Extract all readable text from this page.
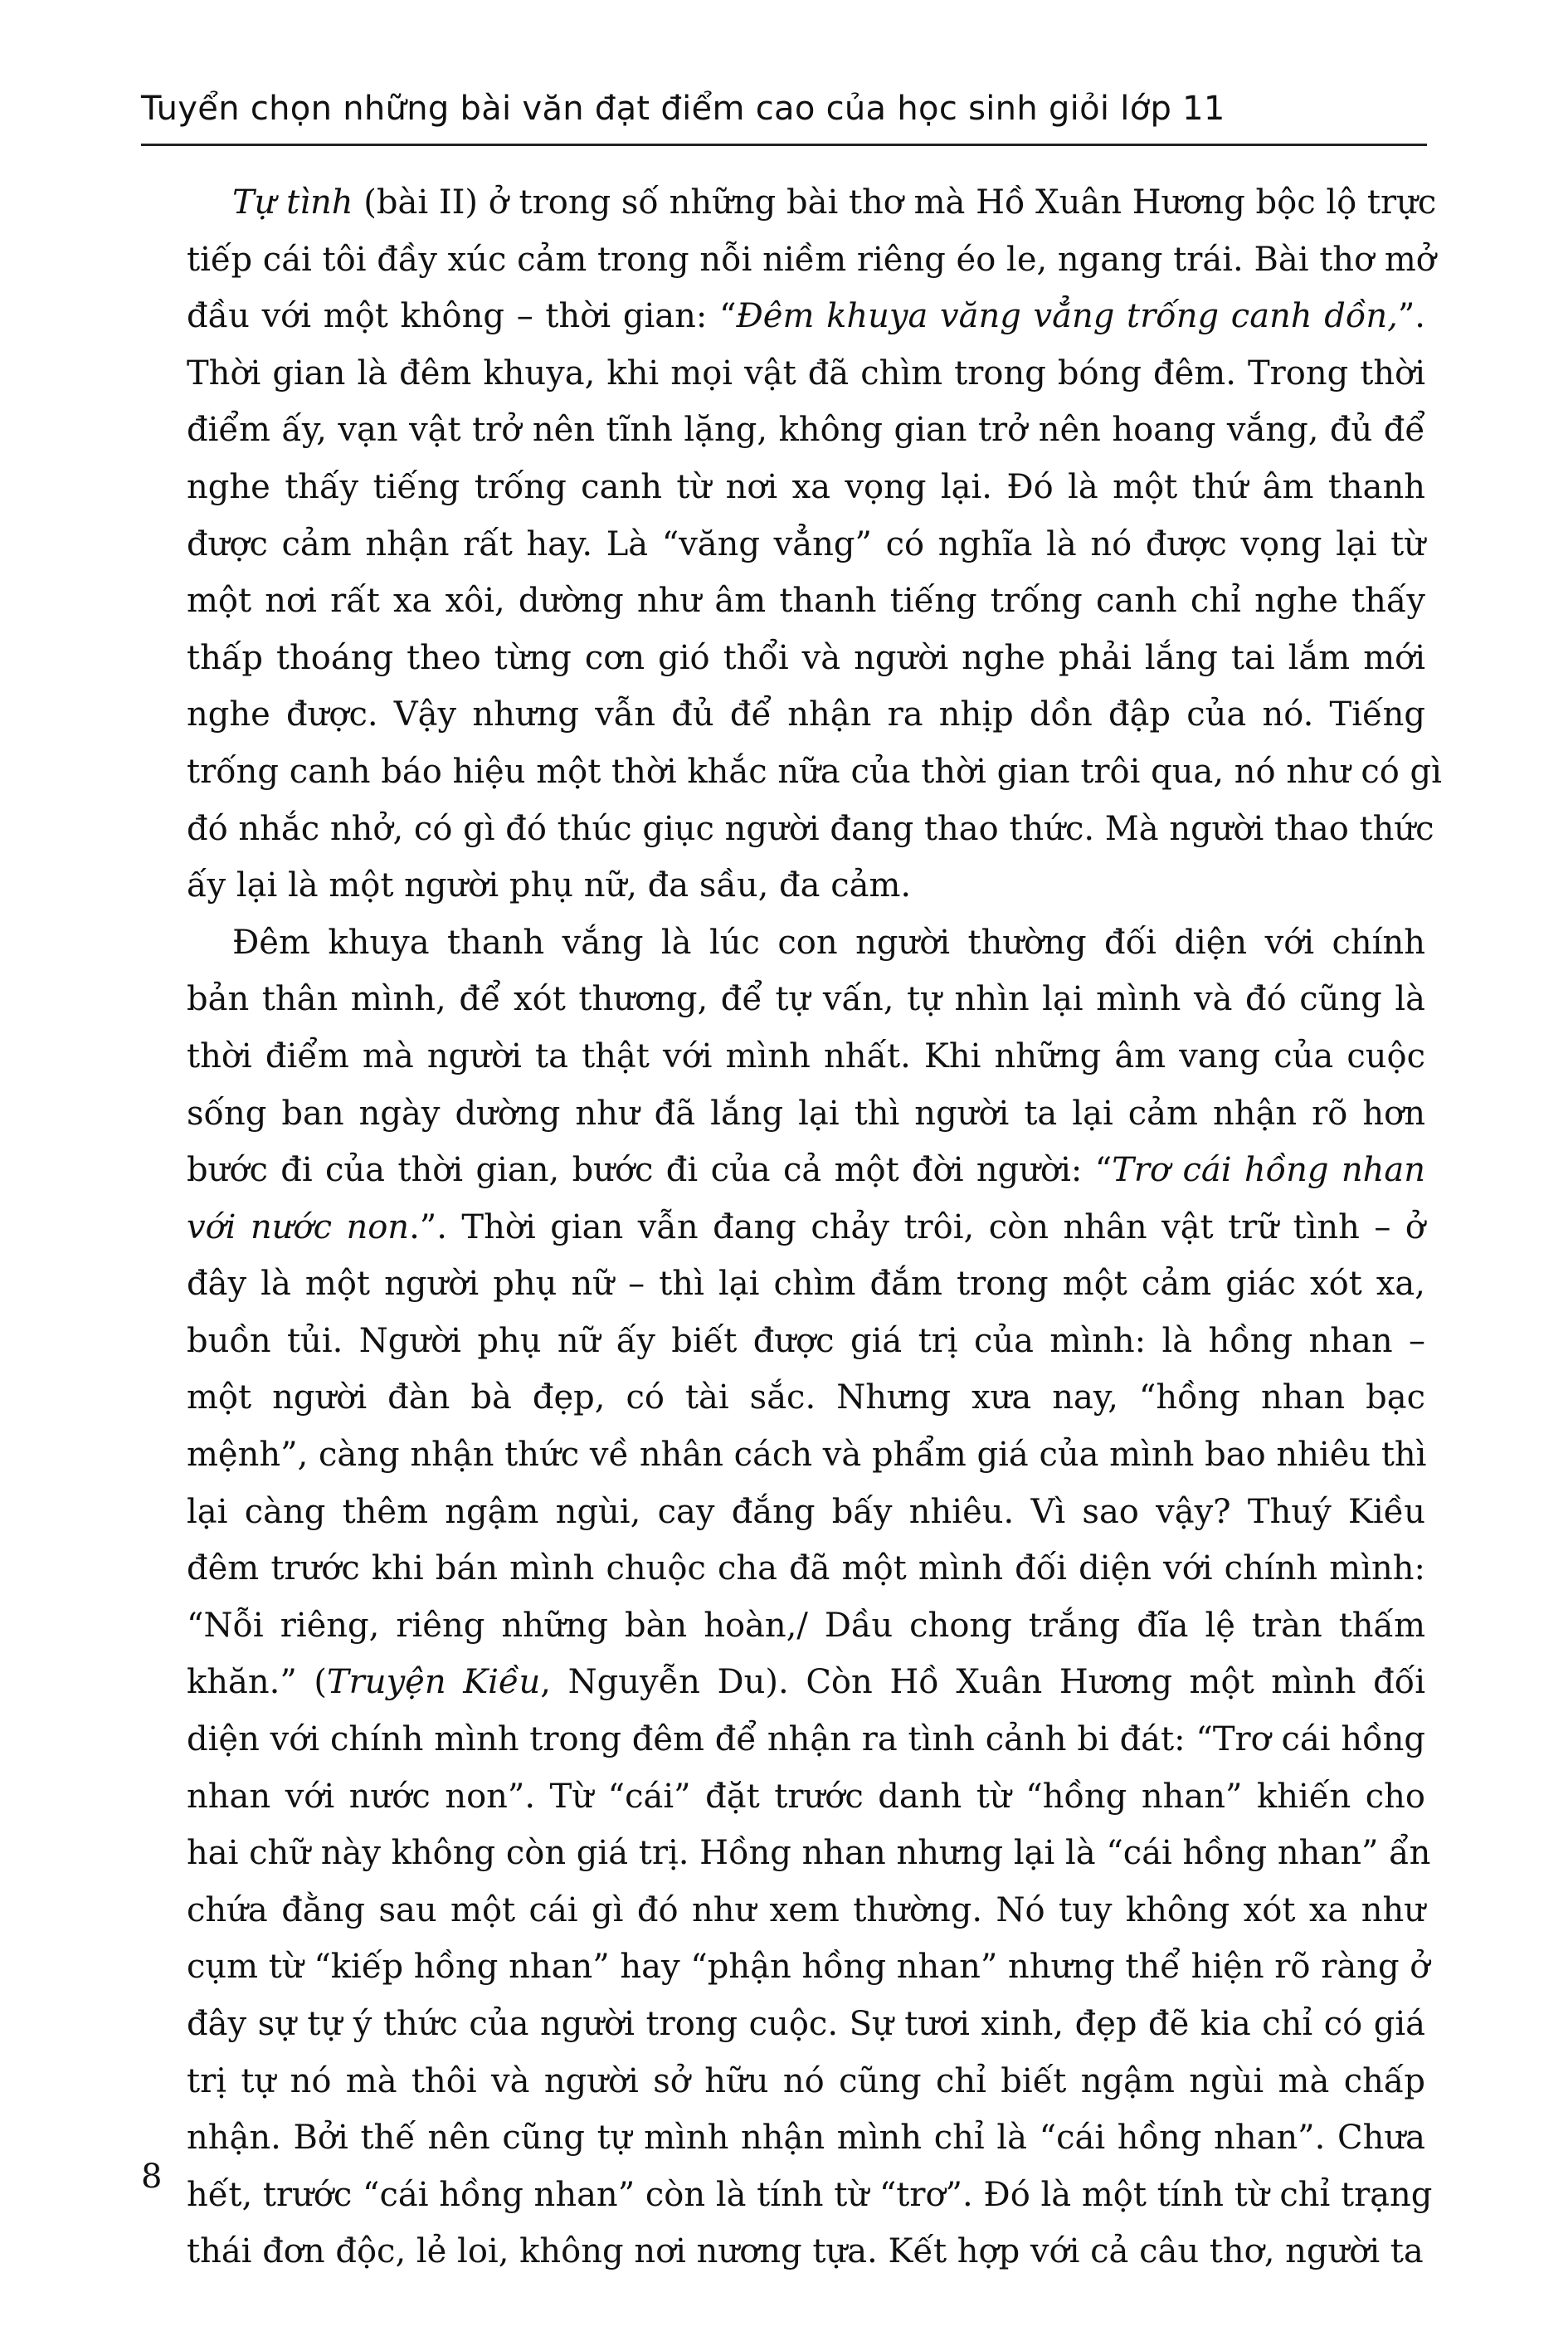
Tuyển chọn những bài văn đạt điểm cao của học sinh giỏi lớp 11
Tự tình (bài II) ở trong số những bài thơ mà Hồ Xuân Hương bộc lộ trực
tiếp cái tôi đầy xúc cảm trong nỗi niềm riêng éo le, ngang trái. Bài thơ mở
đầu với một không – thời gian: “Đêm khuya văng vẳng trống canh dồn,”.
Thời gian là đêm khuya, khi mọi vật đã chìm trong bóng đêm. Trong thời
điểm ấy, vạn vật trở nên tĩnh lặng, không gian trở nên hoang vắng, đủ để
nghe thấy tiếng trống canh từ nơi xa vọng lại. Đó là một thứ âm thanh
được cảm nhận rất hay. Là “văng vẳng” có nghĩa là nó được vọng lại từ
một nơi rất xa xôi, dường như âm thanh tiếng trống canh chỉ nghe thấy
thấp thoáng theo từng cơn gió thổi và người nghe phải lắng tai lắm mới
nghe được. Vậy nhưng vẫn đủ để nhận ra nhịp dồn đập của nó. Tiếng
trống canh báo hiệu một thời khắc nữa của thời gian trôi qua, nó như có gì
đó nhắc nhở, có gì đó thúc giục người đang thao thức. Mà người thao thức
ấy lại là một người phụ nữ, đa sầu, đa cảm.
Đêm khuya thanh vắng là lúc con người thường đối diện với chính
bản thân mình, để xót thương, để tự vấn, tự nhìn lại mình và đó cũng là
thời điểm mà người ta thật với mình nhất. Khi những âm vang của cuộc
sống ban ngày dường như đã lắng lại thì người ta lại cảm nhận rõ hơn
bước đi của thời gian, bước đi của cả một đời người: “Trơ cái hồng nhan
với nước non.”. Thời gian vẫn đang chảy trôi, còn nhân vật trữ tình – ở
đây là một người phụ nữ – thì lại chìm đắm trong một cảm giác xót xa,
buồn tủi. Người phụ nữ ấy biết được giá trị của mình: là hồng nhan –
một người đàn bà đẹp, có tài sắc. Nhưng xưa nay, “hồng nhan bạc
mệnh”, càng nhận thức về nhân cách và phẩm giá của mình bao nhiêu thì
lại càng thêm ngậm ngùi, cay đắng bấy nhiêu. Vì sao vậy? Thuý Kiều
đêm trước khi bán mình chuộc cha đã một mình đối diện với chính mình:
“Nỗi riêng, riêng những bàn hoàn,/ Dầu chong trắng đĩa lệ tràn thấm
khăn.” (Truyện Kiều, Nguyễn Du). Còn Hồ Xuân Hương một mình đối
diện với chính mình trong đêm để nhận ra tình cảnh bi đát: “Trơ cái hồng
nhan với nước non”. Từ “cái” đặt trước danh từ “hồng nhan” khiến cho
hai chữ này không còn giá trị. Hồng nhan nhưng lại là “cái hồng nhan” ẩn
chứa đằng sau một cái gì đó như xem thường. Nó tuy không xót xa như
cụm từ “kiếp hồng nhan” hay “phận hồng nhan” nhưng thể hiện rõ ràng ở
đây sự tự ý thức của người trong cuộc. Sự tươi xinh, đẹp đẽ kia chỉ có giá
trị tự nó mà thôi và người sở hữu nó cũng chỉ biết ngậm ngùi mà chấp
nhận. Bởi thế nên cũng tự mình nhận mình chỉ là “cái hồng nhan”. Chưa
hết, trước “cái hồng nhan” còn là tính từ “trơ”. Đó là một tính từ chỉ trạng
thái đơn độc, lẻ loi, không nơi nương tựa. Kết hợp với cả câu thơ, người ta
8
